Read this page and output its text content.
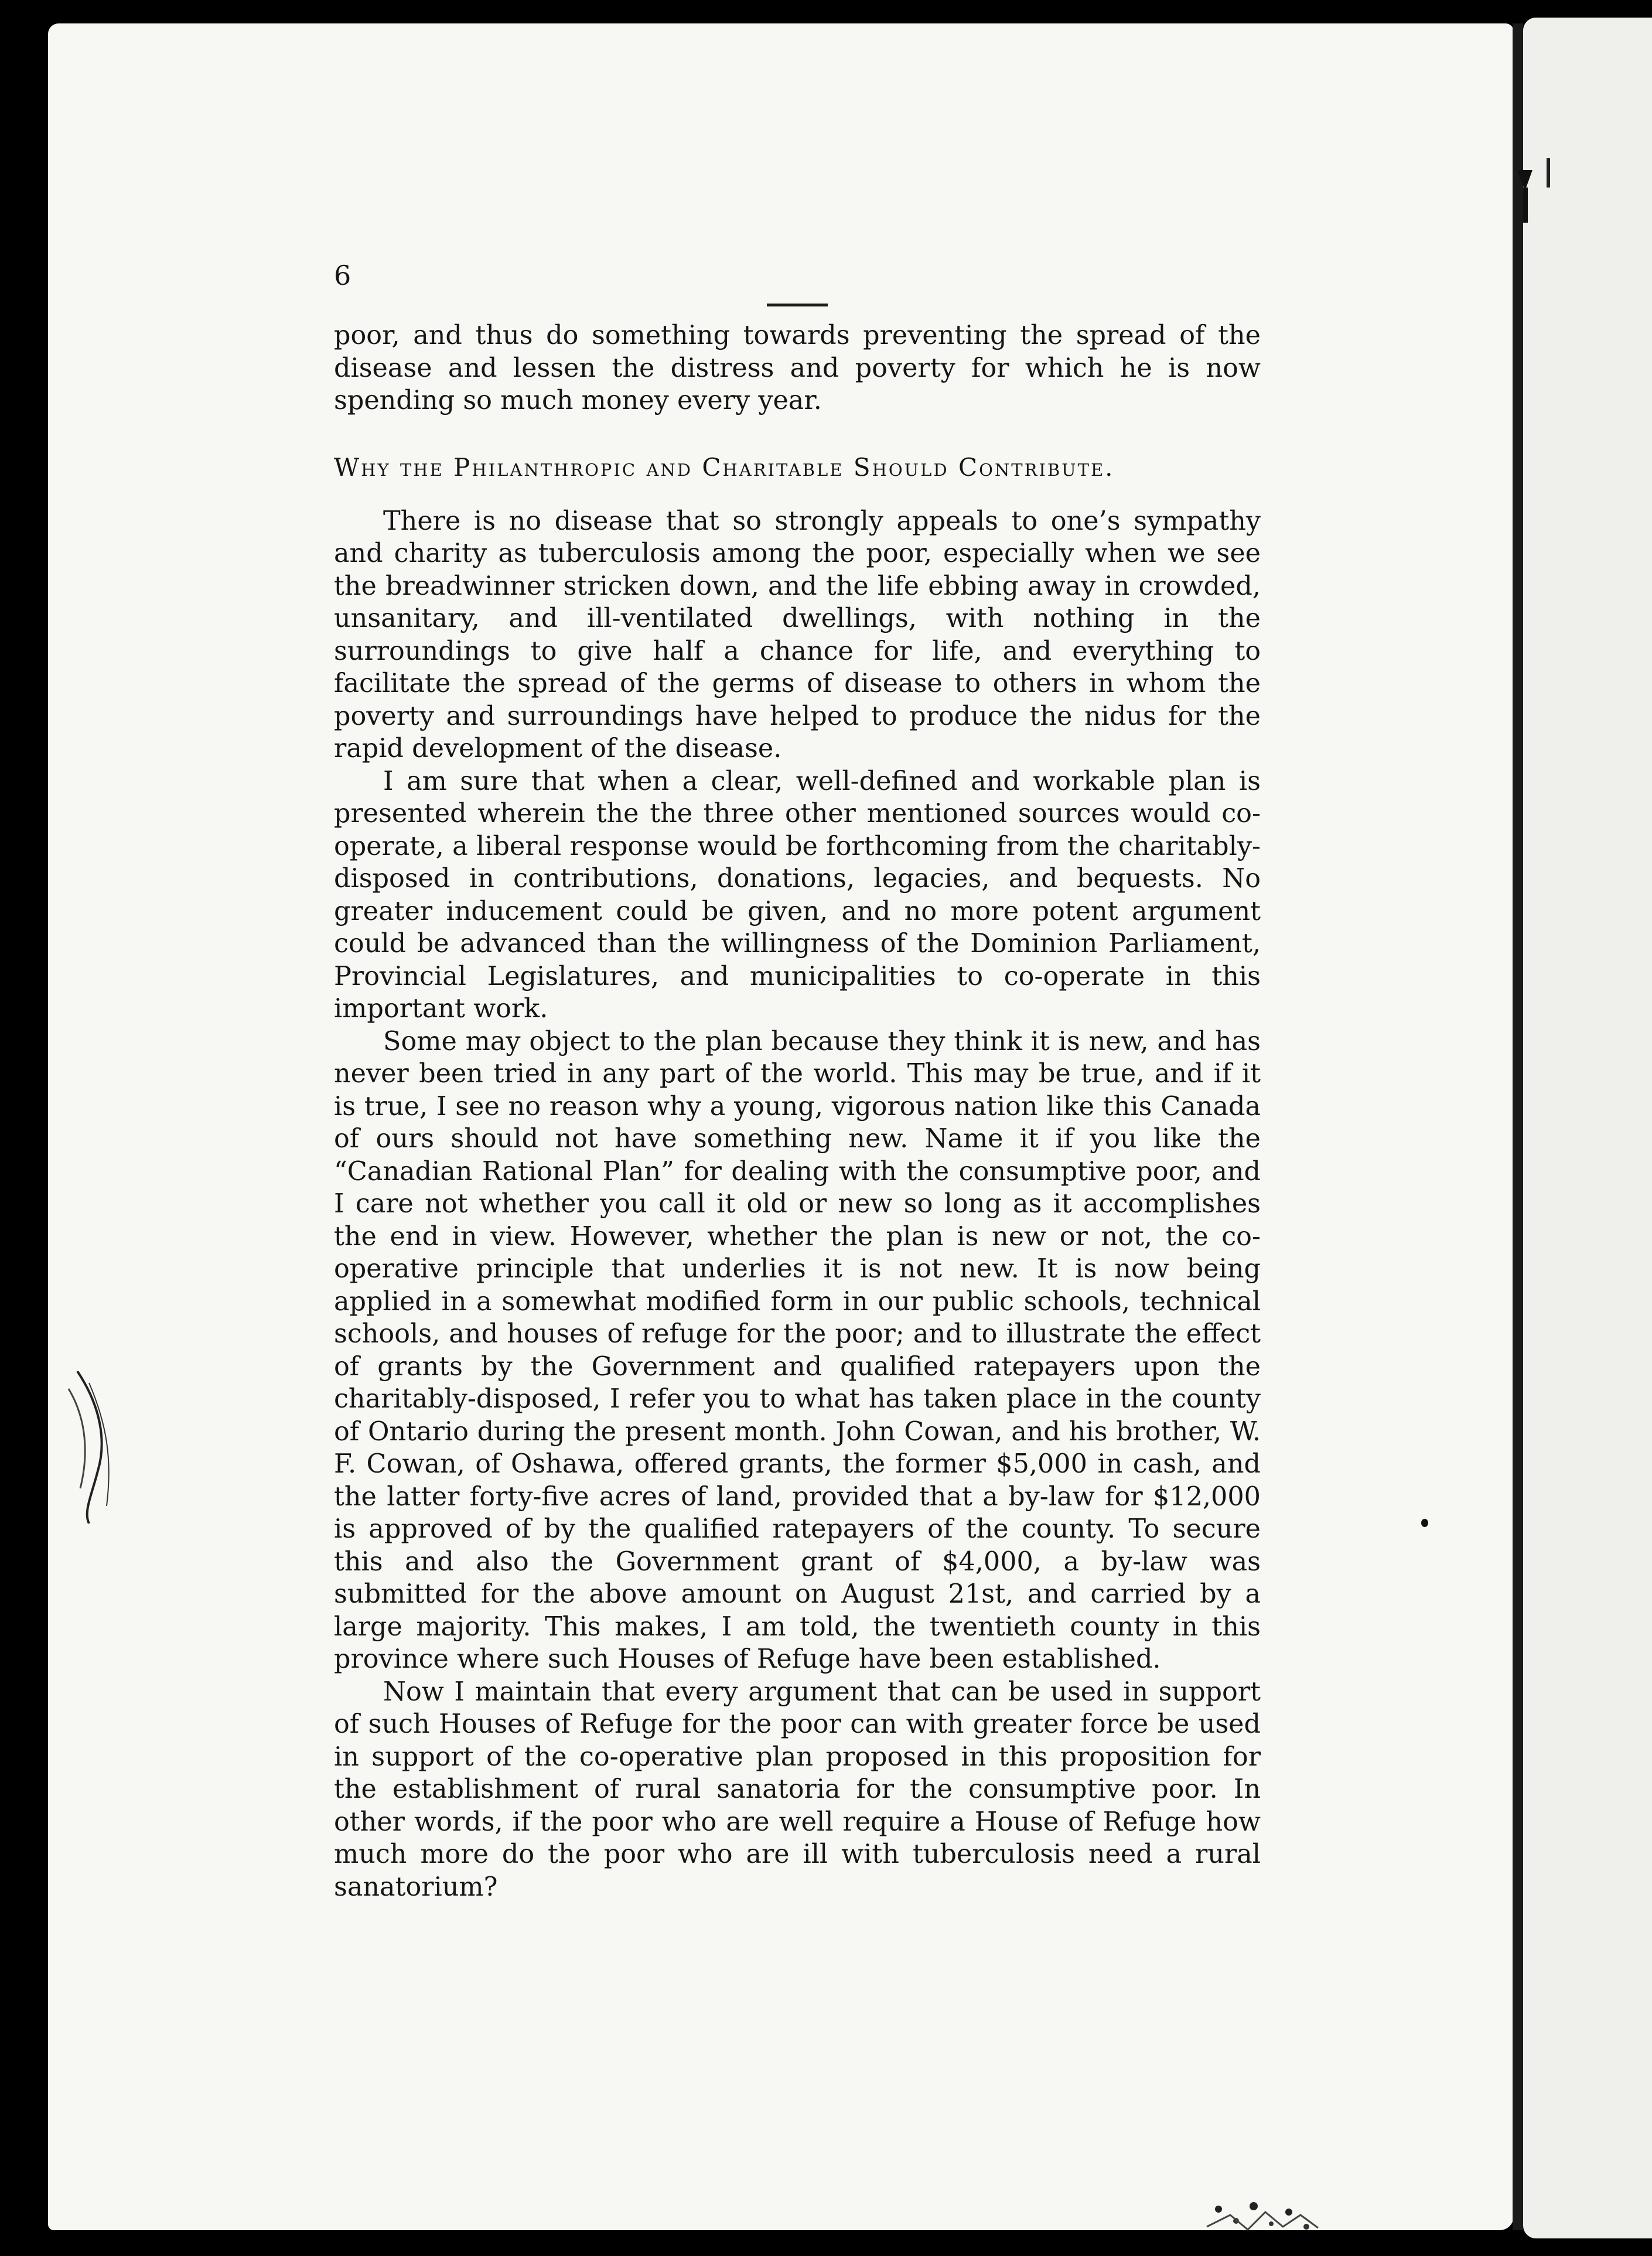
6

poor, and thus do something towards preventing the spread of the disease and lessen the distress and poverty for which he is now spending so much money every year.

Why the Philanthropic and Charitable Should Contribute.

There is no disease that so strongly appeals to one’s sympathy and charity as tuberculosis among the poor, especially when we see the breadwinner stricken down, and the life ebbing away in crowded, unsanitary, and ill-ventilated dwellings, with nothing in the surroundings to give half a chance for life, and everything to facilitate the spread of the germs of disease to others in whom the poverty and surroundings have helped to produce the nidus for the rapid development of the disease.

I am sure that when a clear, well-defined and workable plan is presented wherein the the three other mentioned sources would co-operate, a liberal response would be forthcoming from the charitably-disposed in contributions, donations, legacies, and bequests. No greater inducement could be given, and no more potent argument could be advanced than the willingness of the Dominion Parliament, Provincial Legislatures, and municipalities to co-operate in this important work.

Some may object to the plan because they think it is new, and has never been tried in any part of the world. This may be true, and if it is true, I see no reason why a young, vigorous nation like this Canada of ours should not have something new. Name it if you like the “Canadian Rational Plan” for dealing with the consumptive poor, and I care not whether you call it old or new so long as it accomplishes the end in view. However, whether the plan is new or not, the co-operative principle that underlies it is not new. It is now being applied in a somewhat modified form in our public schools, technical schools, and houses of refuge for the poor; and to illustrate the effect of grants by the Government and qualified ratepayers upon the charitably-disposed, I refer you to what has taken place in the county of Ontario during the present month. John Cowan, and his brother, W. F. Cowan, of Oshawa, offered grants, the former $5,000 in cash, and the latter forty-five acres of land, provided that a by-law for $12,000 is approved of by the qualified ratepayers of the county. To secure this and also the Government grant of $4,000, a by-law was submitted for the above amount on August 21st, and carried by a large majority. This makes, I am told, the twentieth county in this province where such Houses of Refuge have been established.

Now I maintain that every argument that can be used in support of such Houses of Refuge for the poor can with greater force be used in support of the co-operative plan proposed in this proposition for the establishment of rural sanatoria for the consumptive poor. In other words, if the poor who are well require a House of Refuge how much more do the poor who are ill with tuberculosis need a rural sanatorium?
